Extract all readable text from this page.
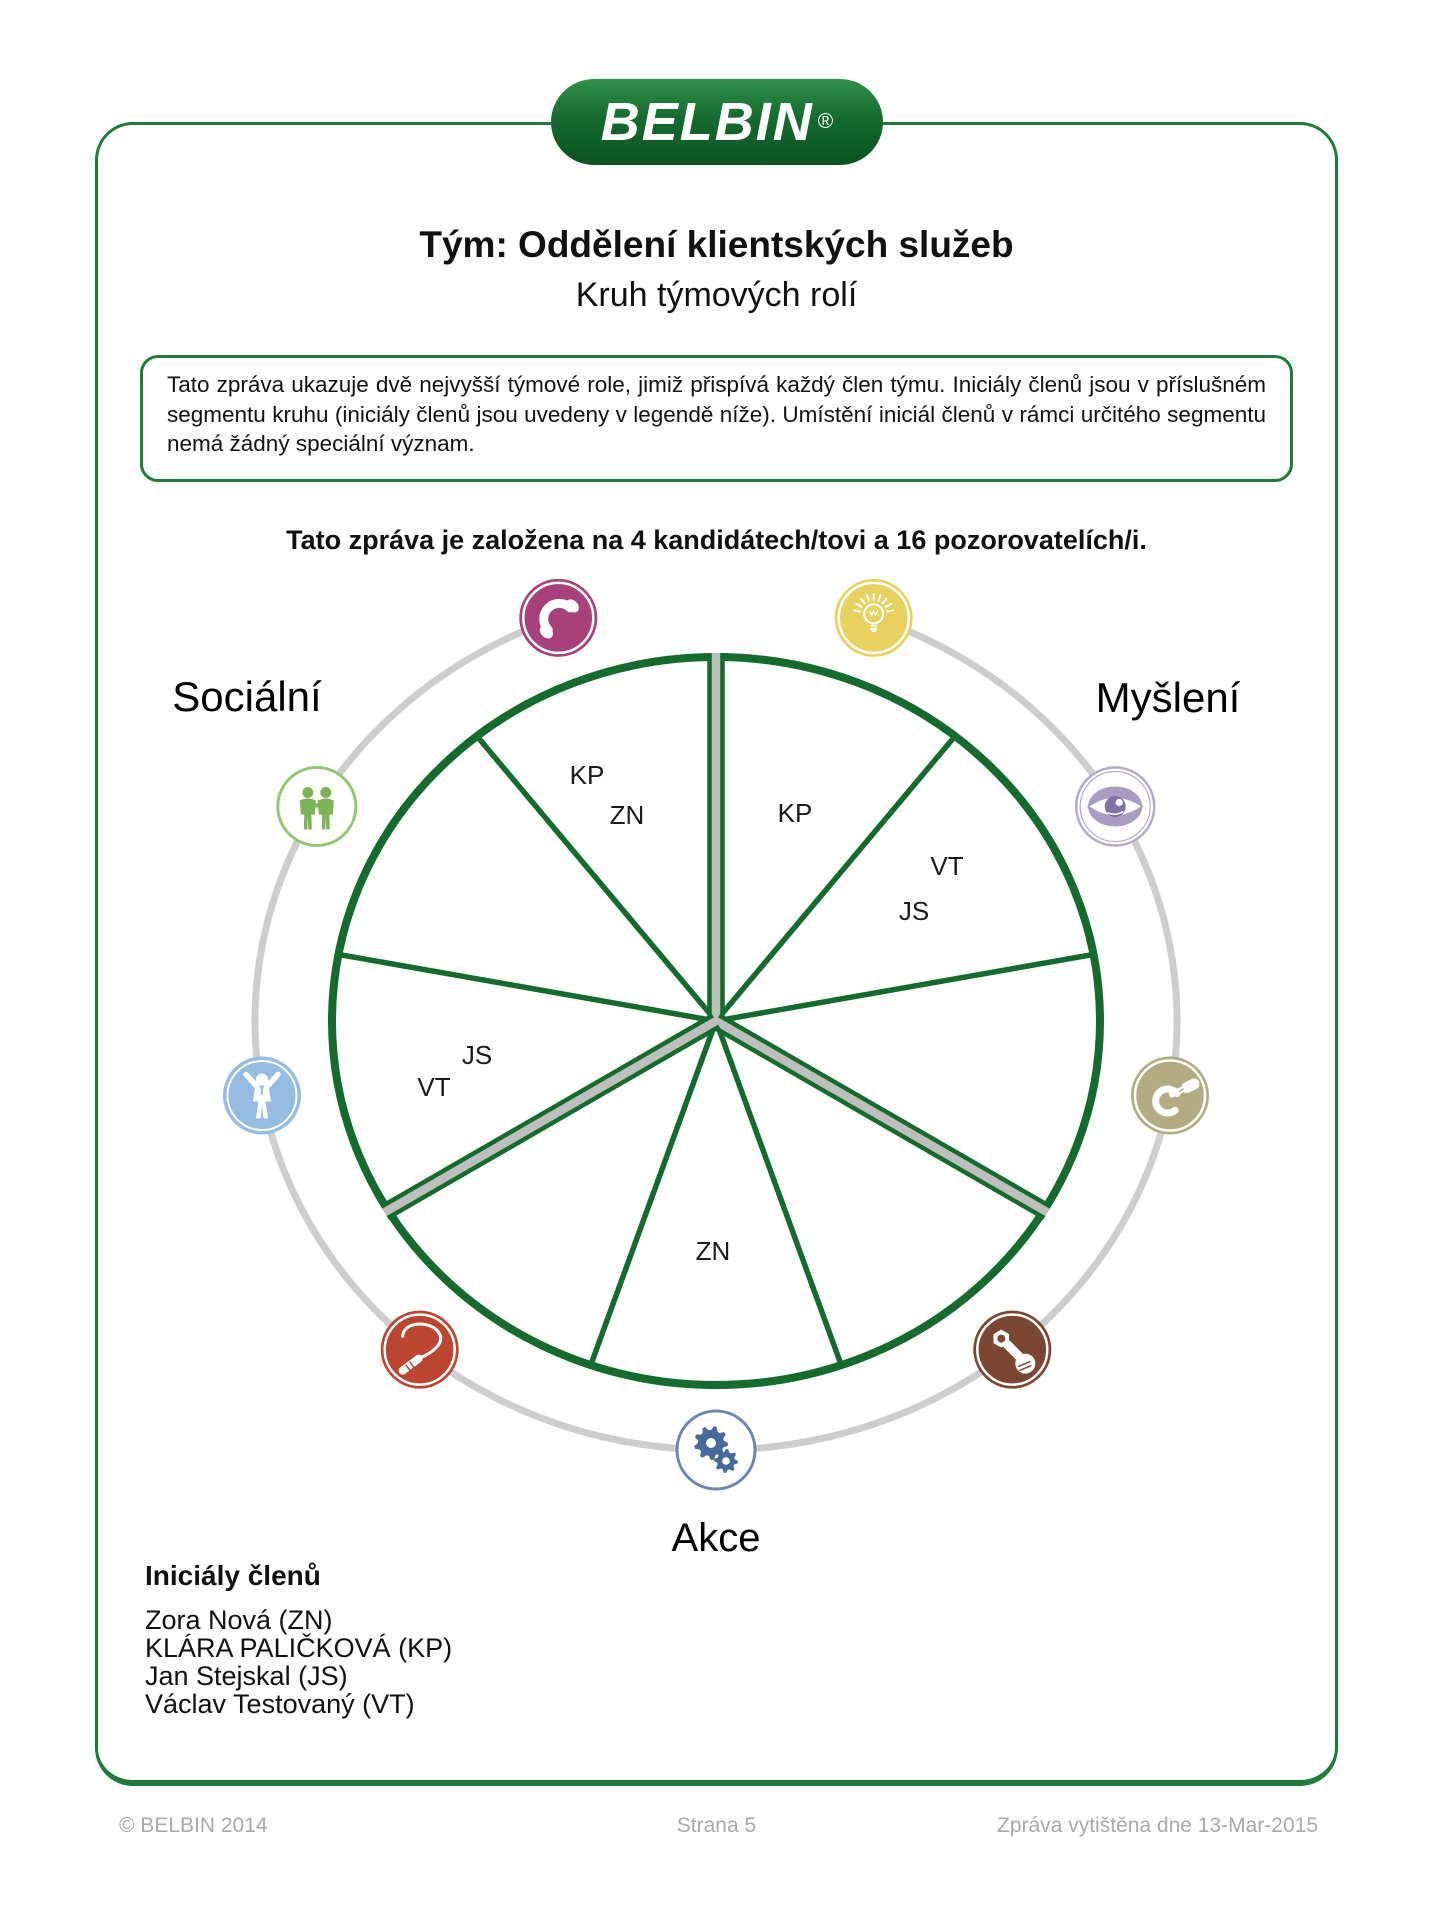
BELBIN ®
Tým: Oddělení klientských služeb
Kruh týmových rolí

Tato zpráva ukazuje dvě nejvyšší týmové role, jimiž přispívá každý člen týmu. Iniciály členů jsou v příslušném segmentu kruhu (iniciály členů jsou uvedeny v legendě níže). Umístění iniciál členů v rámci určitého segmentu nemá žádný speciální význam.

Tato zpráva je založena na 4 kandidátech/tovi a 16 pozorovatelích/i.
KP
VT
JS
ZN
JS
VT
KP
ZN
Sociální	Myšlení
Akce

Iniciály členů

Zora Nová (ZN)

KLÁRA PALIČKOVÁ (KP)

Jan Stejskal (JS)

Václav Testovaný (VT)

© BELBIN 2014	Strana 5	Zpráva vytištěna dne 13-Mar-2015
